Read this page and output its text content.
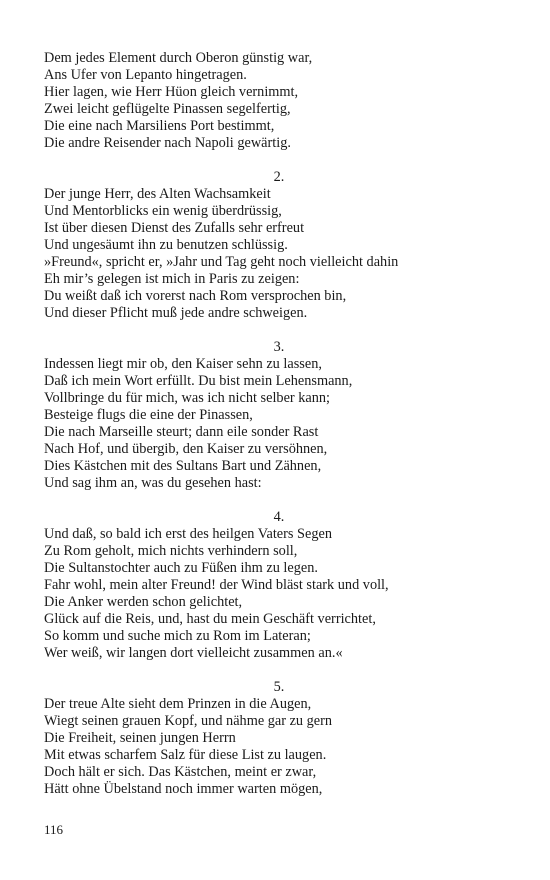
Dem jedes Element durch Oberon günstig war,
Ans Ufer von Lepanto hingetragen.
Hier lagen, wie Herr Hüon gleich vernimmt,
Zwei leicht geflügelte Pinassen segelfertig,
Die eine nach Marsiliens Port bestimmt,
Die andre Reisender nach Napoli gewärtig.
2.
Der junge Herr, des Alten Wachsamkeit
Und Mentorblicks ein wenig überdrüssig,
Ist über diesen Dienst des Zufalls sehr erfreut
Und ungesäumt ihn zu benutzen schlüssig.
»Freund«, spricht er, »Jahr und Tag geht noch vielleicht dahin
Eh mir’s gelegen ist mich in Paris zu zeigen:
Du weißt daß ich vorerst nach Rom versprochen bin,
Und dieser Pflicht muß jede andre schweigen.
3.
Indessen liegt mir ob, den Kaiser sehn zu lassen,
Daß ich mein Wort erfüllt. Du bist mein Lehensmann,
Vollbringe du für mich, was ich nicht selber kann;
Besteige flugs die eine der Pinassen,
Die nach Marseille steurt; dann eile sonder Rast
Nach Hof, und übergib, den Kaiser zu versöhnen,
Dies Kästchen mit des Sultans Bart und Zähnen,
Und sag ihm an, was du gesehen hast:
4.
Und daß, so bald ich erst des heilgen Vaters Segen
Zu Rom geholt, mich nichts verhindern soll,
Die Sultanstochter auch zu Füßen ihm zu legen.
Fahr wohl, mein alter Freund! der Wind bläst stark und voll,
Die Anker werden schon gelichtet,
Glück auf die Reis, und, hast du mein Geschäft verrichtet,
So komm und suche mich zu Rom im Lateran;
Wer weiß, wir langen dort vielleicht zusammen an.«
5.
Der treue Alte sieht dem Prinzen in die Augen,
Wiegt seinen grauen Kopf, und nähme gar zu gern
Die Freiheit, seinen jungen Herrn
Mit etwas scharfem Salz für diese List zu laugen.
Doch hält er sich. Das Kästchen, meint er zwar,
Hätt ohne Übelstand noch immer warten mögen,
116
